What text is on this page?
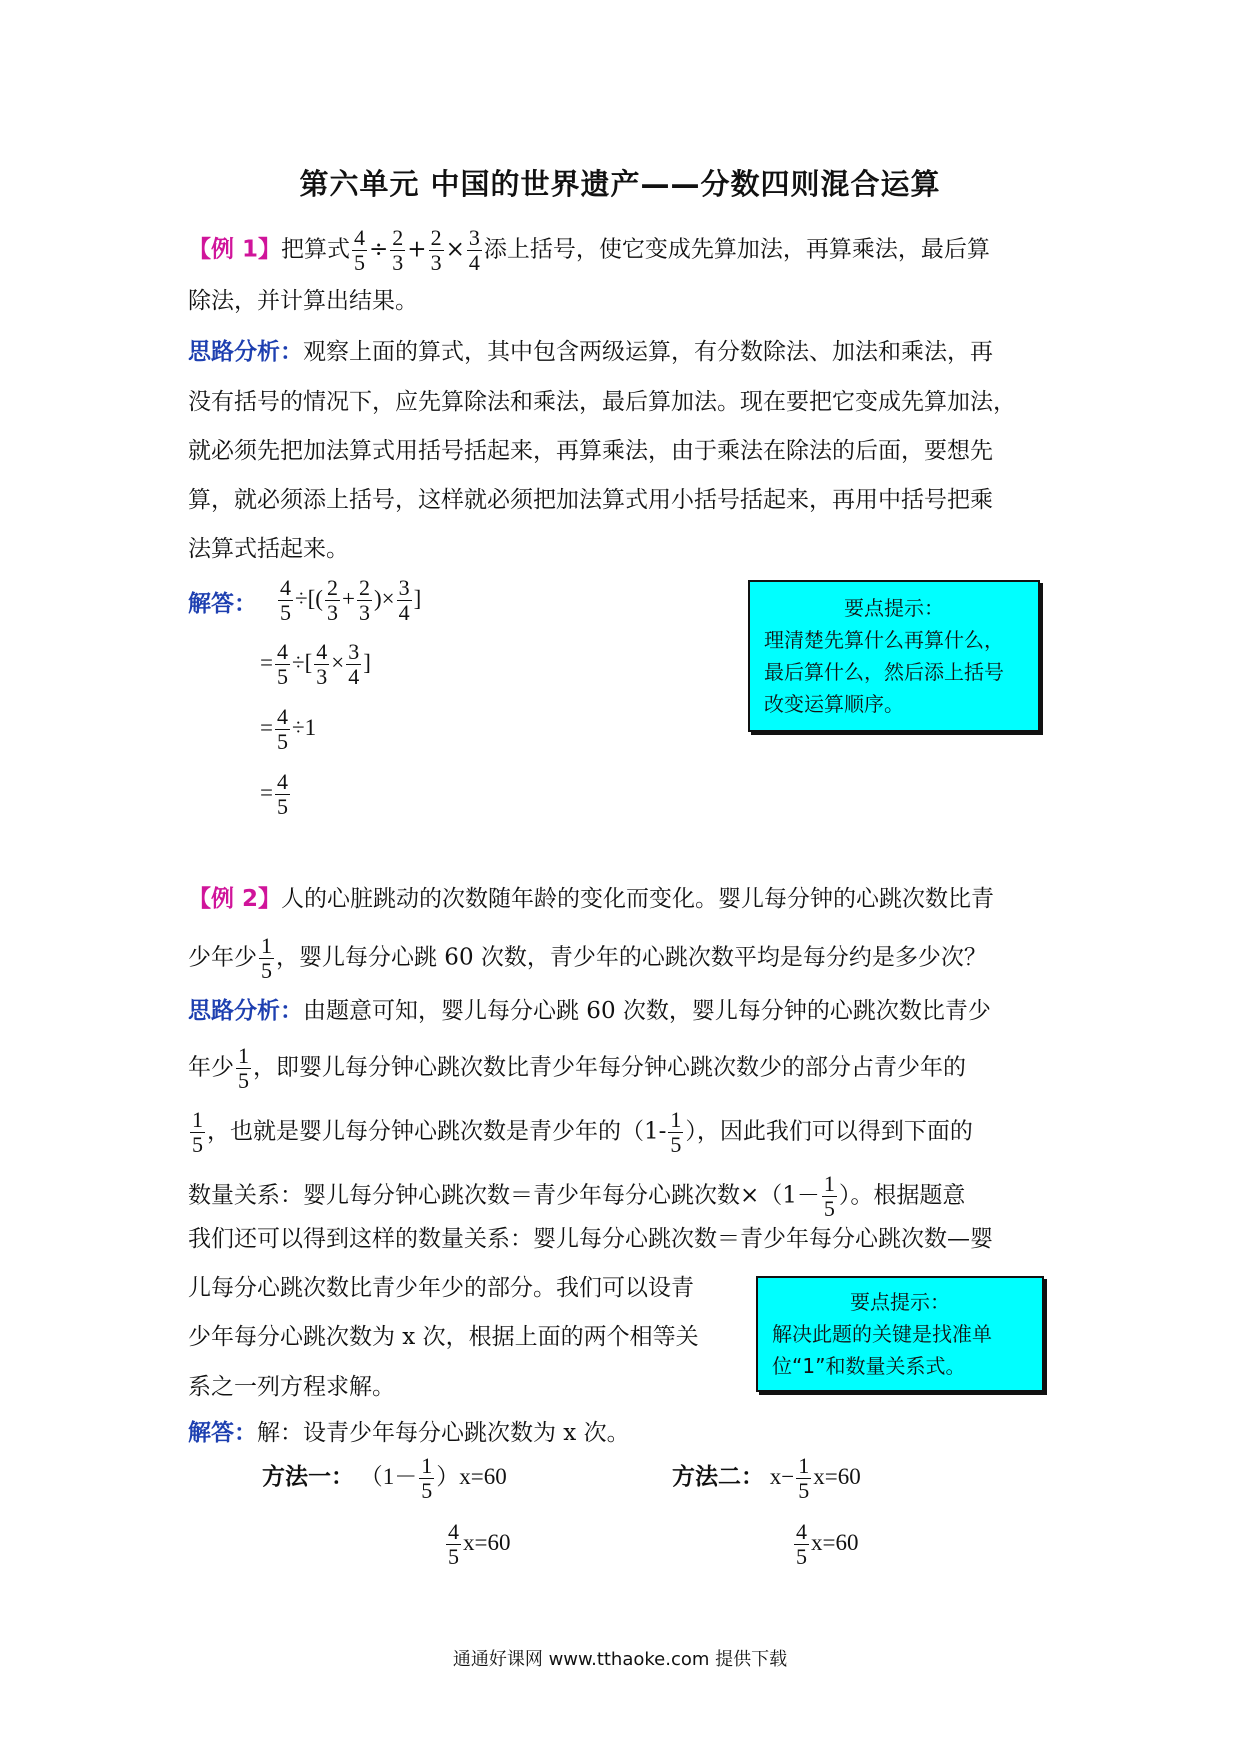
第六单元 中国的世界遗产——分数四则混合运算
【例 1】把算式 $\frac{4}{5} \div \frac{2}{3} + \frac{2}{3} \times \frac{3}{4}$ 添上括号，使它变成先算加法，再算乘法，最后算
除法，并计算出结果。
思路分析：观察上面的算式，其中包含两级运算，有分数除法、加法和乘法，再
没有括号的情况下，应先算除法和乘法，最后算加法。现在要把它变成先算加法，
就必须先把加法算式用括号括起来，再算乘法，由于乘法在除法的后面，要想先
算，就必须添上括号，这样就必须把加法算式用小括号括起来，再用中括号把乘
法算式括起来。
解答： $\frac{4}{5}$ ÷[( $\frac{2}{3} + \frac{2}{3}$ )× $\frac{3}{4}$ ]
= $\frac{4}{5}$ ÷[ $\frac{4}{3} \times \frac{3}{4}$ ]
= $\frac{4}{5} \div 1$
= $\frac{4}{5}$
要点提示：
理清楚先算什么再算什么，
最后算什么，然后添上括号
改变运算顺序。
【例 2】人的心脏跳动的次数随年龄的变化而变化。婴儿每分钟的心跳次数比青
少年少 $\frac{1}{5}$ ，婴儿每分心跳 60 次数，青少年的心跳次数平均是每分约是多少次？
思路分析：由题意可知，婴儿每分心跳 60 次数，婴儿每分钟的心跳次数比青少
年少 $\frac{1}{5}$ ，即婴儿每分钟心跳次数比青少年每分钟心跳次数少的部分占青少年的
$\frac{1}{5}$ ，也就是婴儿每分钟心跳次数是青少年的（$1- \frac{1}{5}$ ），因此我们可以得到下面的
数量关系：婴儿每分钟心跳次数＝青少年每分心跳次数$\times(1- \frac{1}{5}$ ）。根据题意
我们还可以得到这样的数量关系：婴儿每分心跳次数＝青少年每分心跳次数—婴
儿每分心跳次数比青少年少的部分。我们可以设青
少年每分心跳次数为 x 次，根据上面的两个相等关
系之一列方程求解。
要点提示：
解决此题的关键是找准单
位“1”和数量关系式。
解答：解：设青少年每分心跳次数为 x 次。
方法一： $(1- \frac{1}{5} )x=60$
$\frac{4}{5} x=60$
方法二： $x- \frac{1}{5} x=60$
$\frac{4}{5} x=60$
通通好课网 www.tthaoke.com 提供下载
